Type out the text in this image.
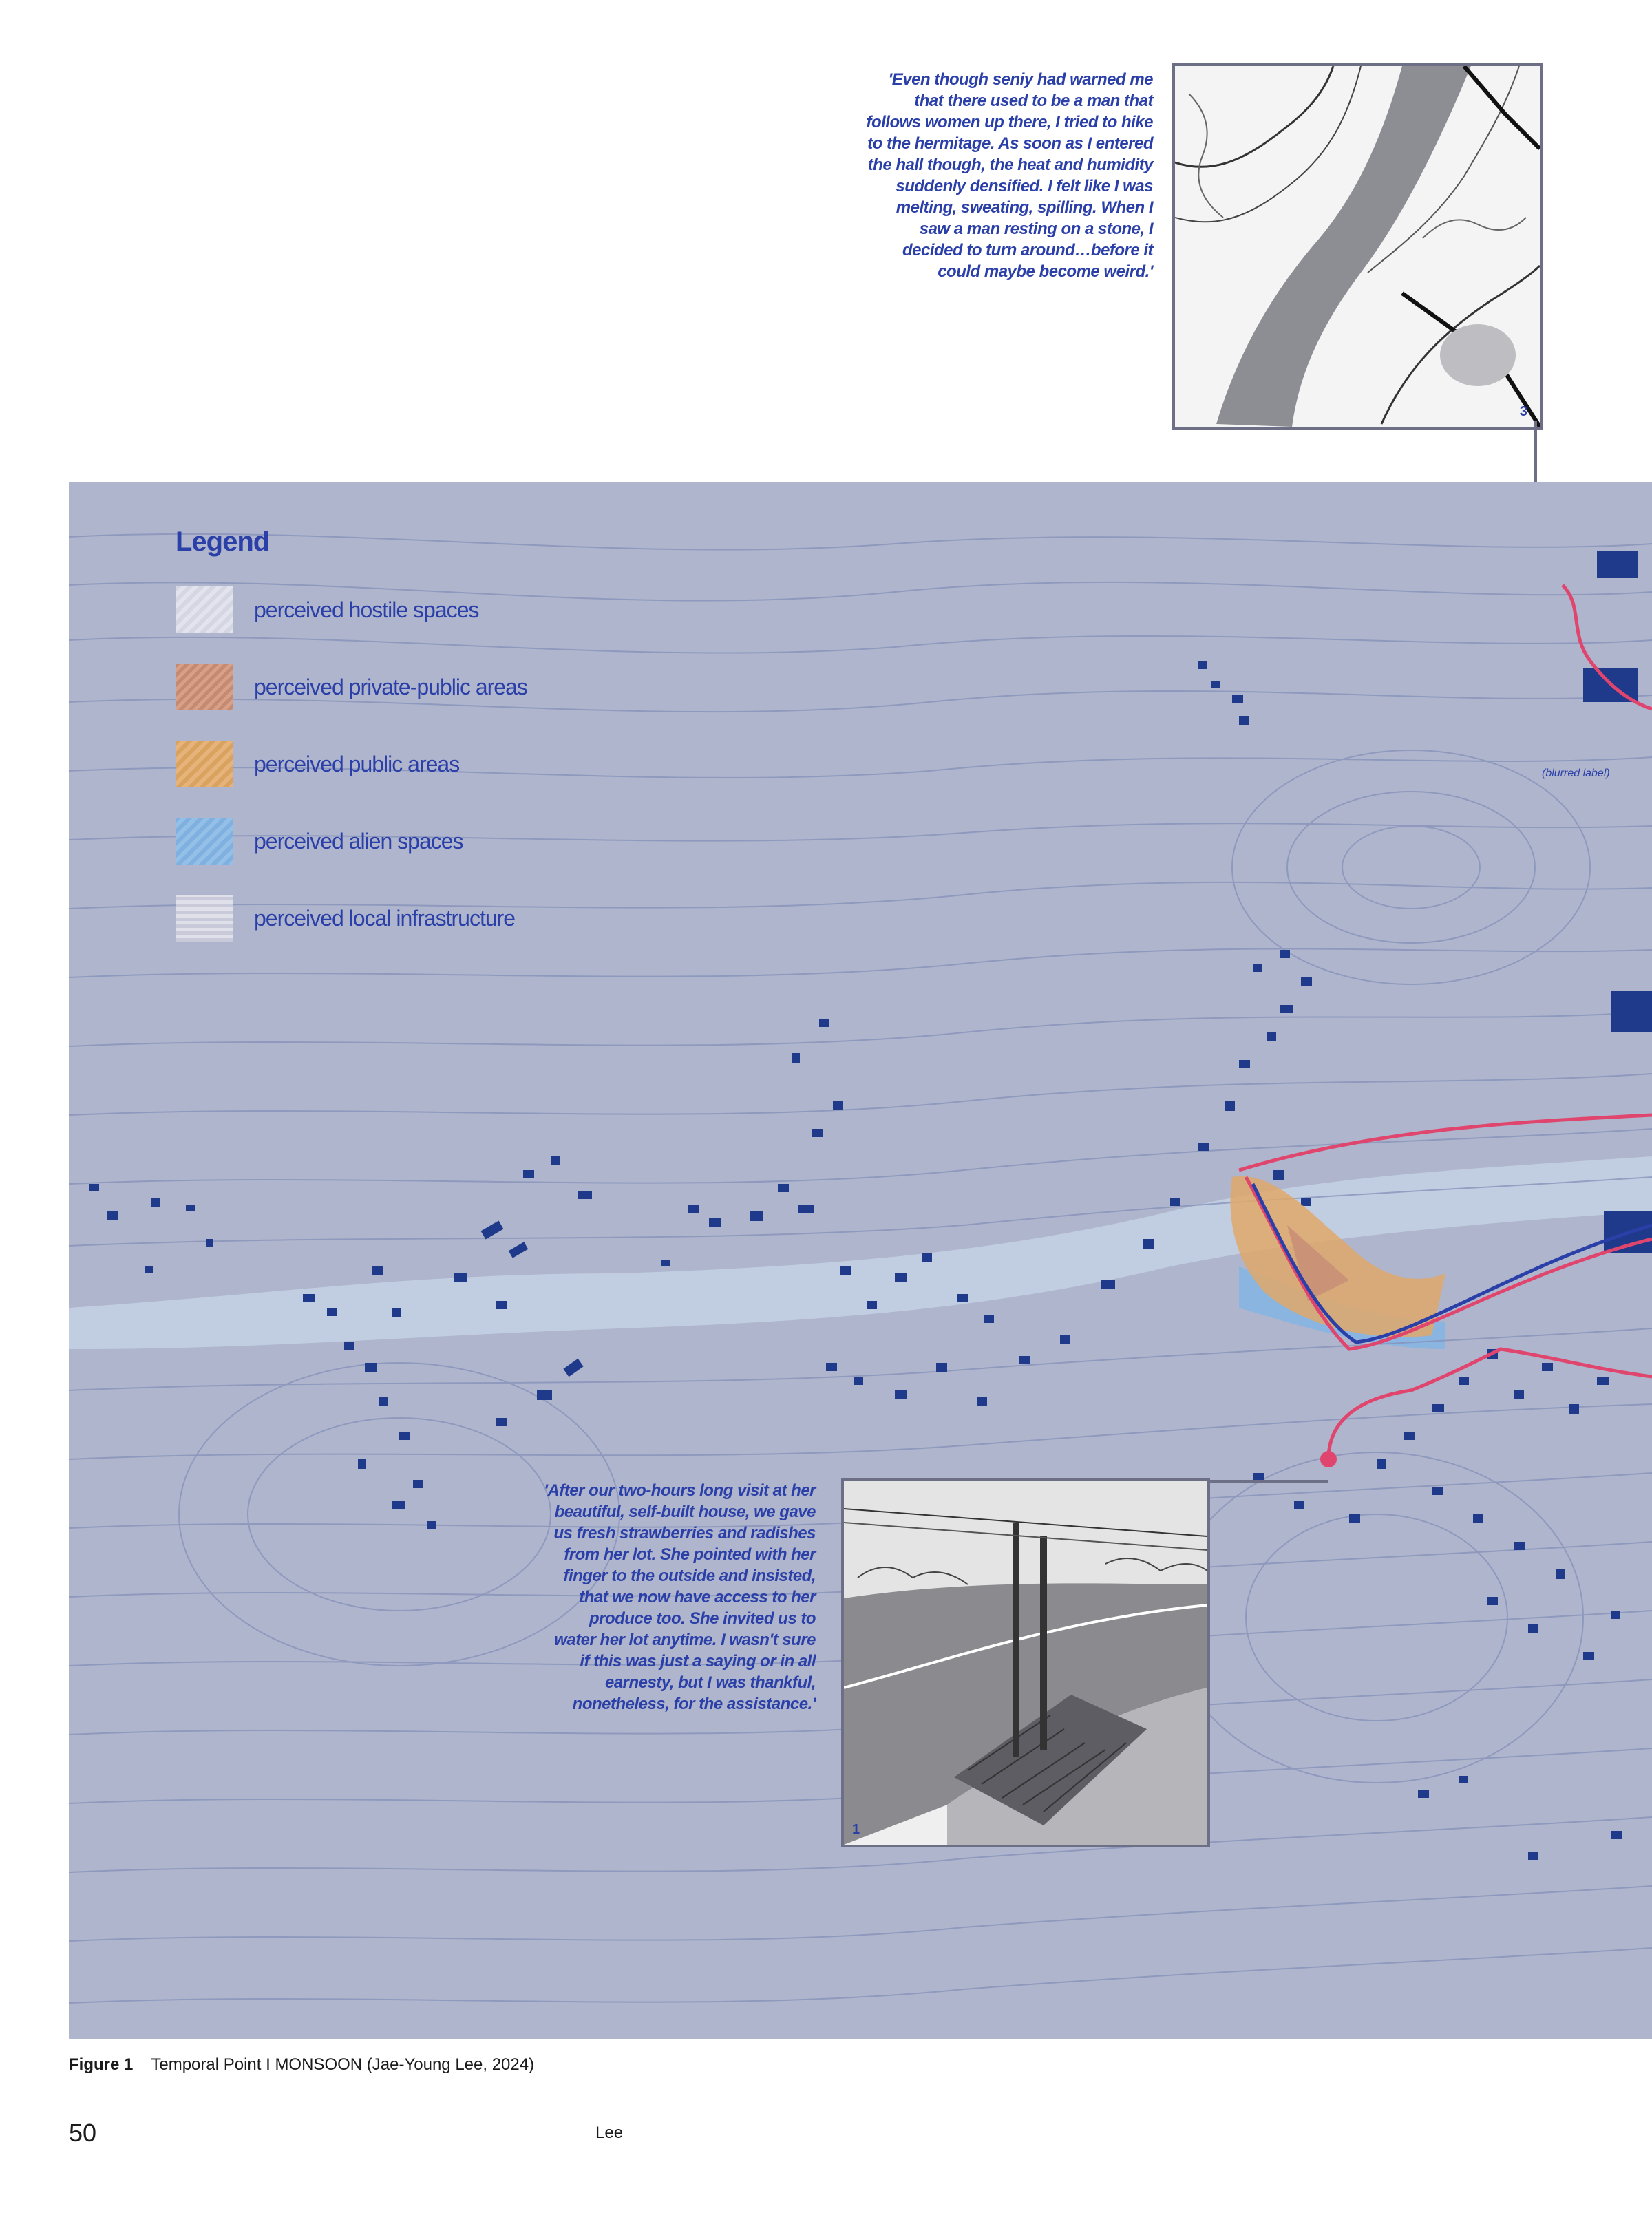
'Even though seniy had warned me that there used to be a man that follows women up there, I tried to hike to the hermitage. As soon as I entered the hall though, the heat and humidity suddenly densified. I felt like I was melting, sweating, spilling. When I saw a man resting on a stone, I decided to turn around…before it could maybe become weird.'
3
Legend
perceived hostile spaces
perceived private-public areas
perceived public areas
perceived alien spaces
perceived local infrastructure
(blurred label)
'After our two-hours long visit at her beautiful, self-built house, we gave us fresh strawberries and radishes from her lot. She pointed with her finger to the outside and insisted, that we now have access to her produce too. She invited us to water her lot anytime. I wasn't sure if this was just a saying or in all earnesty, but I was thankful, nonetheless, for the assistance.'
1
Figure 1 Temporal Point I MONSOON (Jae-Young Lee, 2024)
50	Lee
